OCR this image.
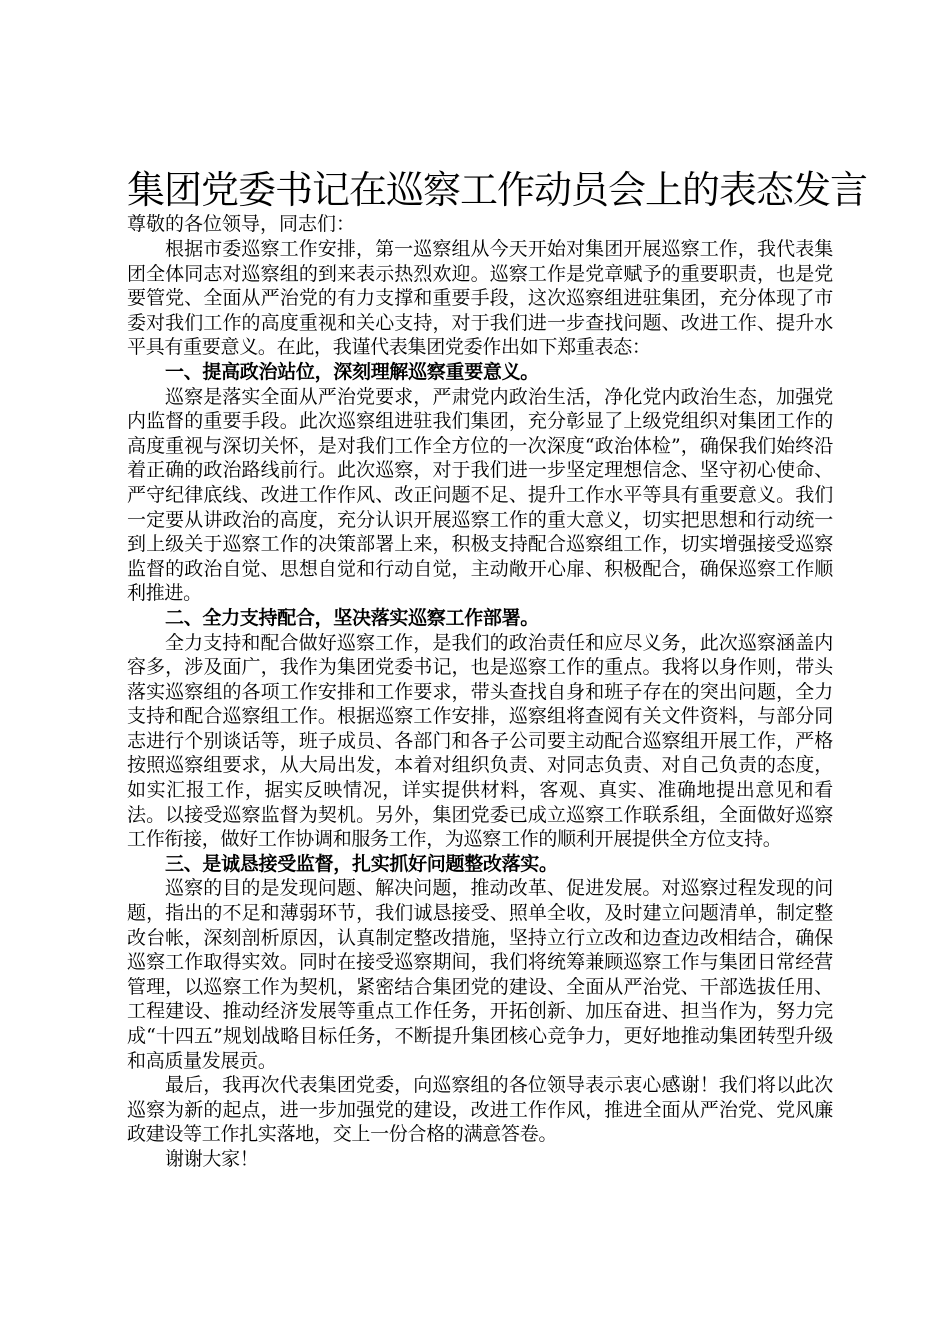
集团党委书记在巡察工作动员会上的表态发言

尊敬的各位领导，同志们：

根据市委巡察工作安排，第一巡察组从今天开始对集团开展巡察工作，我代表集团全体同志对巡察组的到来表示热烈欢迎。巡察工作是党章赋予的重要职责，也是党要管党、全面从严治党的有力支撑和重要手段，这次巡察组进驻集团，充分体现了市委对我们工作的高度重视和关心支持，对于我们进一步查找问题、改进工作、提升水平具有重要意义。在此，我谨代表集团党委作出如下郑重表态：

一、提高政治站位，深刻理解巡察重要意义。

巡察是落实全面从严治党要求，严肃党内政治生活，净化党内政治生态，加强党内监督的重要手段。此次巡察组进驻我们集团，充分彰显了上级党组织对集团工作的高度重视与深切关怀，是对我们工作全方位的一次深度“政治体检”，确保我们始终沿着正确的政治路线前行。此次巡察，对于我们进一步坚定理想信念、坚守初心使命、严守纪律底线、改进工作作风、改正问题不足、提升工作水平等具有重要意义。我们一定要从讲政治的高度，充分认识开展巡察工作的重大意义，切实把思想和行动统一到上级关于巡察工作的决策部署上来，积极支持配合巡察组工作，切实增强接受巡察监督的政治自觉、思想自觉和行动自觉，主动敞开心扉、积极配合，确保巡察工作顺利推进。

二、全力支持配合，坚决落实巡察工作部署。

全力支持和配合做好巡察工作，是我们的政治责任和应尽义务，此次巡察涵盖内容多，涉及面广，我作为集团党委书记，也是巡察工作的重点。我将以身作则，带头落实巡察组的各项工作安排和工作要求，带头查找自身和班子存在的突出问题，全力支持和配合巡察组工作。根据巡察工作安排，巡察组将查阅有关文件资料，与部分同志进行个别谈话等，班子成员、各部门和各子公司要主动配合巡察组开展工作，严格按照巡察组要求，从大局出发，本着对组织负责、对同志负责、对自己负责的态度，如实汇报工作，据实反映情况，详实提供材料，客观、真实、准确地提出意见和看法。以接受巡察监督为契机。另外，集团党委已成立巡察工作联系组，全面做好巡察工作衔接，做好工作协调和服务工作，为巡察工作的顺利开展提供全方位支持。

三、是诚恳接受监督，扎实抓好问题整改落实。

巡察的目的是发现问题、解决问题，推动改革、促进发展。对巡察过程发现的问题，指出的不足和薄弱环节，我们诚恳接受、照单全收，及时建立问题清单，制定整改台帐，深刻剖析原因，认真制定整改措施，坚持立行立改和边查边改相结合，确保巡察工作取得实效。同时在接受巡察期间，我们将统筹兼顾巡察工作与集团日常经营管理，以巡察工作为契机，紧密结合集团党的建设、全面从严治党、干部选拔任用、工程建设、推动经济发展等重点工作任务，开拓创新、加压奋进、担当作为，努力完成“十四五”规划战略目标任务，不断提升集团核心竞争力，更好地推动集团转型升级和高质量发展贡。

最后，我再次代表集团党委，向巡察组的各位领导表示衷心感谢！我们将以此次巡察为新的起点，进一步加强党的建设，改进工作作风，推进全面从严治党、党风廉政建设等工作扎实落地，交上一份合格的满意答卷。

谢谢大家！
